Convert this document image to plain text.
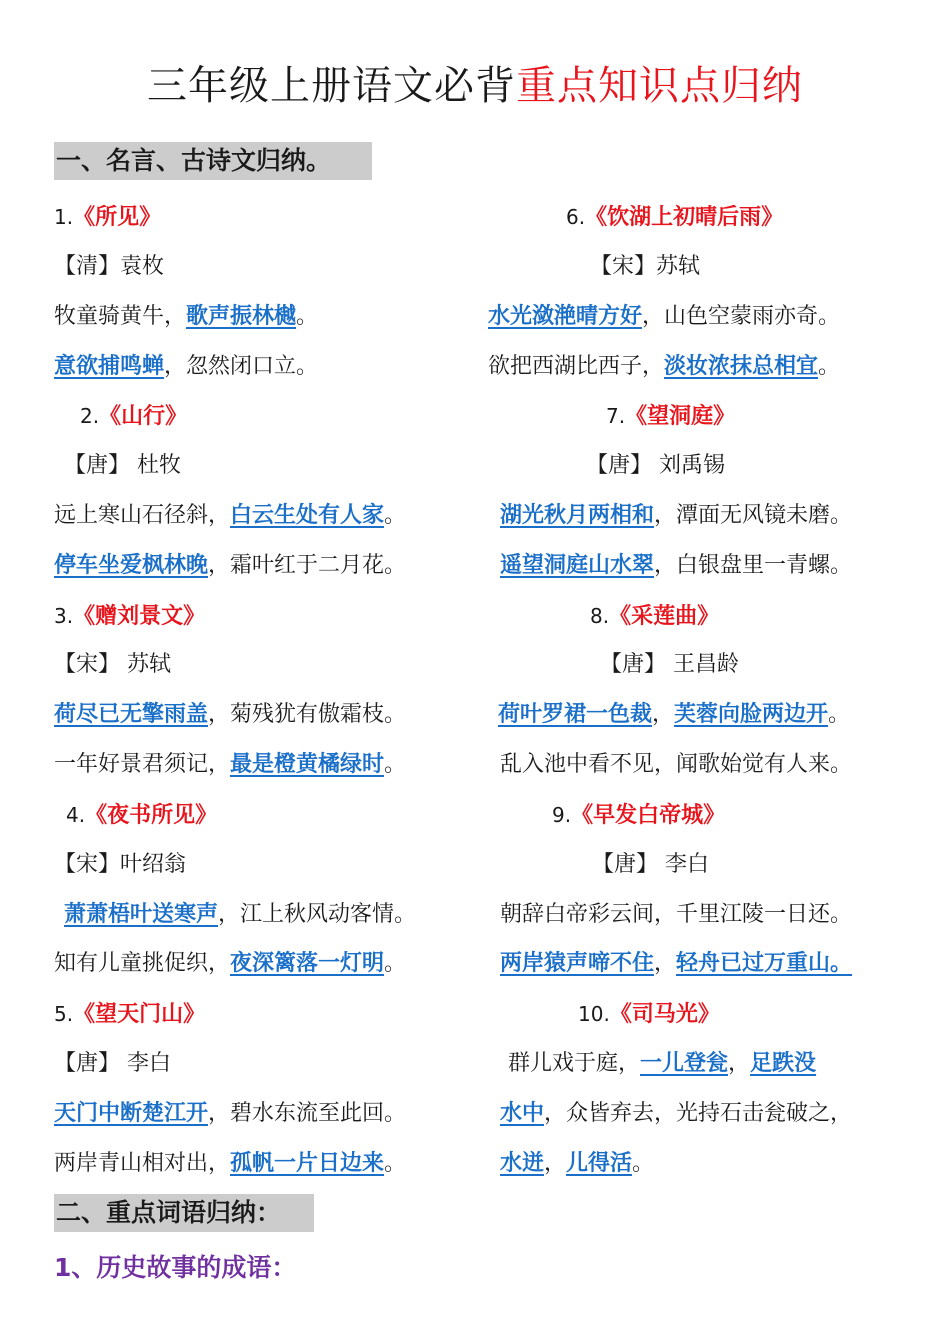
三年级上册语文必背重点知识点归纳
一、名言、古诗文归纳。
1.《所见》
【清】袁枚
牧童骑黄牛，歌声振林樾。
意欲捕鸣蝉，忽然闭口立。
2.《山行》
【唐】 杜牧
远上寒山石径斜，白云生处有人家。
停车坐爱枫林晚，霜叶红于二月花。
3.《赠刘景文》
【宋】 苏轼
荷尽已无擎雨盖，菊残犹有傲霜枝。
一年好景君须记，最是橙黄橘绿时。
4.《夜书所见》
【宋】叶绍翁
萧萧梧叶送寒声，江上秋风动客情。
知有儿童挑促织，夜深篱落一灯明。
5.《望天门山》
【唐】 李白
天门中断楚江开，碧水东流至此回。
两岸青山相对出，孤帆一片日边来。
6.《饮湖上初晴后雨》
【宋】苏轼
水光潋滟晴方好，山色空蒙雨亦奇。
欲把西湖比西子，淡妆浓抹总相宜。
7.《望洞庭》
【唐】 刘禹锡
湖光秋月两相和，潭面无风镜未磨。
遥望洞庭山水翠，白银盘里一青螺。
8.《采莲曲》
【唐】 王昌龄
荷叶罗裙一色裁，芙蓉向脸两边开。
乱入池中看不见，闻歌始觉有人来。
9.《早发白帝城》
【唐】 李白
朝辞白帝彩云间，千里江陵一日还。
两岸猿声啼不住，轻舟已过万重山。
10.《司马光》
群儿戏于庭，一儿登瓮，足跌没
水中，众皆弃去，光持石击瓮破之，
水迸，儿得活。
二、重点词语归纳：
1、历史故事的成语：
